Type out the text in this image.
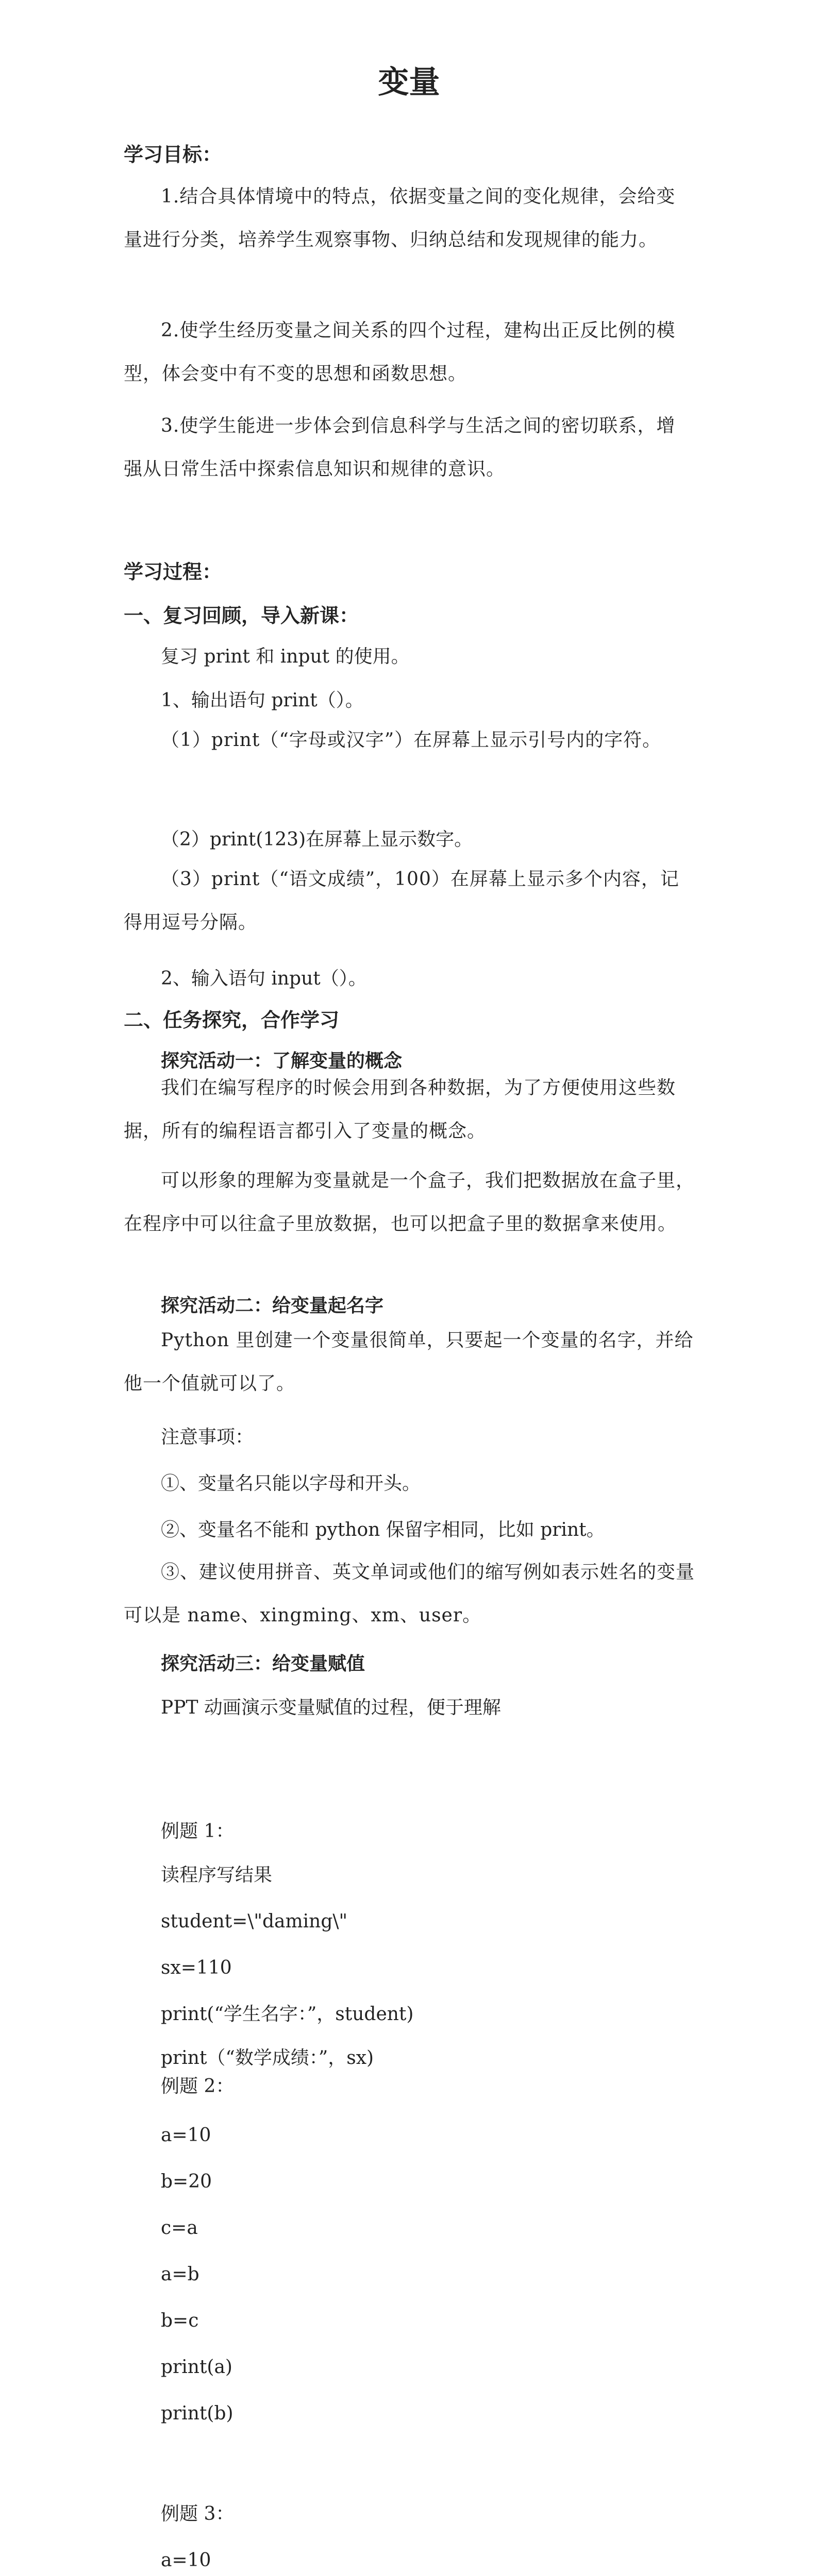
变量
学习目标：
1.结合具体情境中的特点，依据变量之间的变化规律，会给变量进行分类，培养学生观察事物、归纳总结和发现规律的能力。
2.使学生经历变量之间关系的四个过程，建构出正反比例的模型，体会变中有不变的思想和函数思想。
3.使学生能进一步体会到信息科学与生活之间的密切联系，增强从日常生活中探索信息知识和规律的意识。
学习过程：
一、复习回顾，导入新课：
复习 print 和 input 的使用。
1、输出语句 print（）。
（1）print（“字母或汉字”）在屏幕上显示引号内的字符。
（2）print(123)在屏幕上显示数字。
（3）print（“语文成绩”，100）在屏幕上显示多个内容，记得用逗号分隔。
2、输入语句 input（）。
二、任务探究，合作学习
探究活动一：了解变量的概念
我们在编写程序的时候会用到各种数据，为了方便使用这些数据，所有的编程语言都引入了变量的概念。
可以形象的理解为变量就是一个盒子，我们把数据放在盒子里，在程序中可以往盒子里放数据，也可以把盒子里的数据拿来使用。
探究活动二：给变量起名字
Python 里创建一个变量很简单，只要起一个变量的名字，并给他一个值就可以了。
注意事项：
①、变量名只能以字母和开头。
②、变量名不能和 python 保留字相同，比如 print。
③、建议使用拼音、英文单词或他们的缩写例如表示姓名的变量可以是 name、xingming、xm、user。
探究活动三：给变量赋值
PPT 动画演示变量赋值的过程，便于理解
例题 1：
读程序写结果
student=\"daming\"
sx=110
print(“学生名字：”，student)
print（“数学成绩：”，sx)
例题 2：
a=10
b=20
c=a
a=b
b=c
print(a)
print(b)
例题 3：
a=10
